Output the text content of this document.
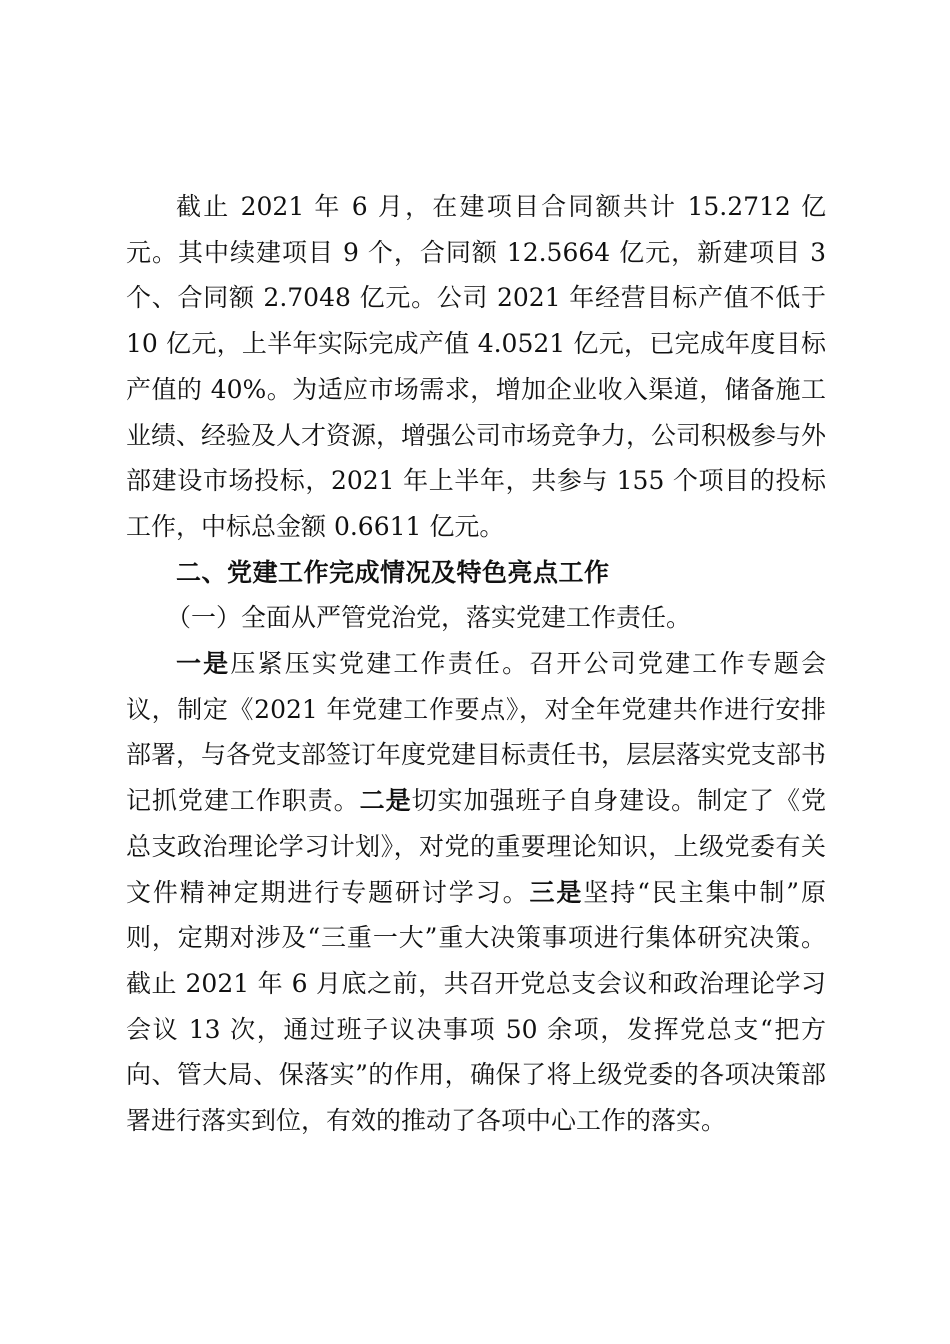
截止 2021 年 6 月，在建项目合同额共计 15.2712 亿元。其中续建项目 9 个，合同额 12.5664 亿元，新建项目 3 个、合同额 2.7048 亿元。公司 2021 年经营目标产值不低于 10 亿元，上半年实际完成产值 4.0521 亿元，已完成年度目标产值的 40%。为适应市场需求，增加企业收入渠道，储备施工业绩、经验及人才资源，增强公司市场竞争力，公司积极参与外部建设市场投标，2021 年上半年，共参与 155 个项目的投标工作，中标总金额 0.6611 亿元。

二、党建工作完成情况及特色亮点工作

（一）全面从严管党治党，落实党建工作责任。

一是压紧压实党建工作责任。召开公司党建工作专题会议，制定《2021 年党建工作要点》，对全年党建共作进行安排部署，与各党支部签订年度党建目标责任书，层层落实党支部书记抓党建工作职责。二是切实加强班子自身建设。制定了《党总支政治理论学习计划》，对党的重要理论知识，上级党委有关文件精神定期进行专题研讨学习。三是坚持“民主集中制”原则，定期对涉及“三重一大”重大决策事项进行集体研究决策。截止 2021 年 6 月底之前，共召开党总支会议和政治理论学习会议 13 次，通过班子议决事项 50 余项，发挥党总支“把方向、管大局、保落实”的作用，确保了将上级党委的各项决策部署进行落实到位，有效的推动了各项中心工作的落实。
